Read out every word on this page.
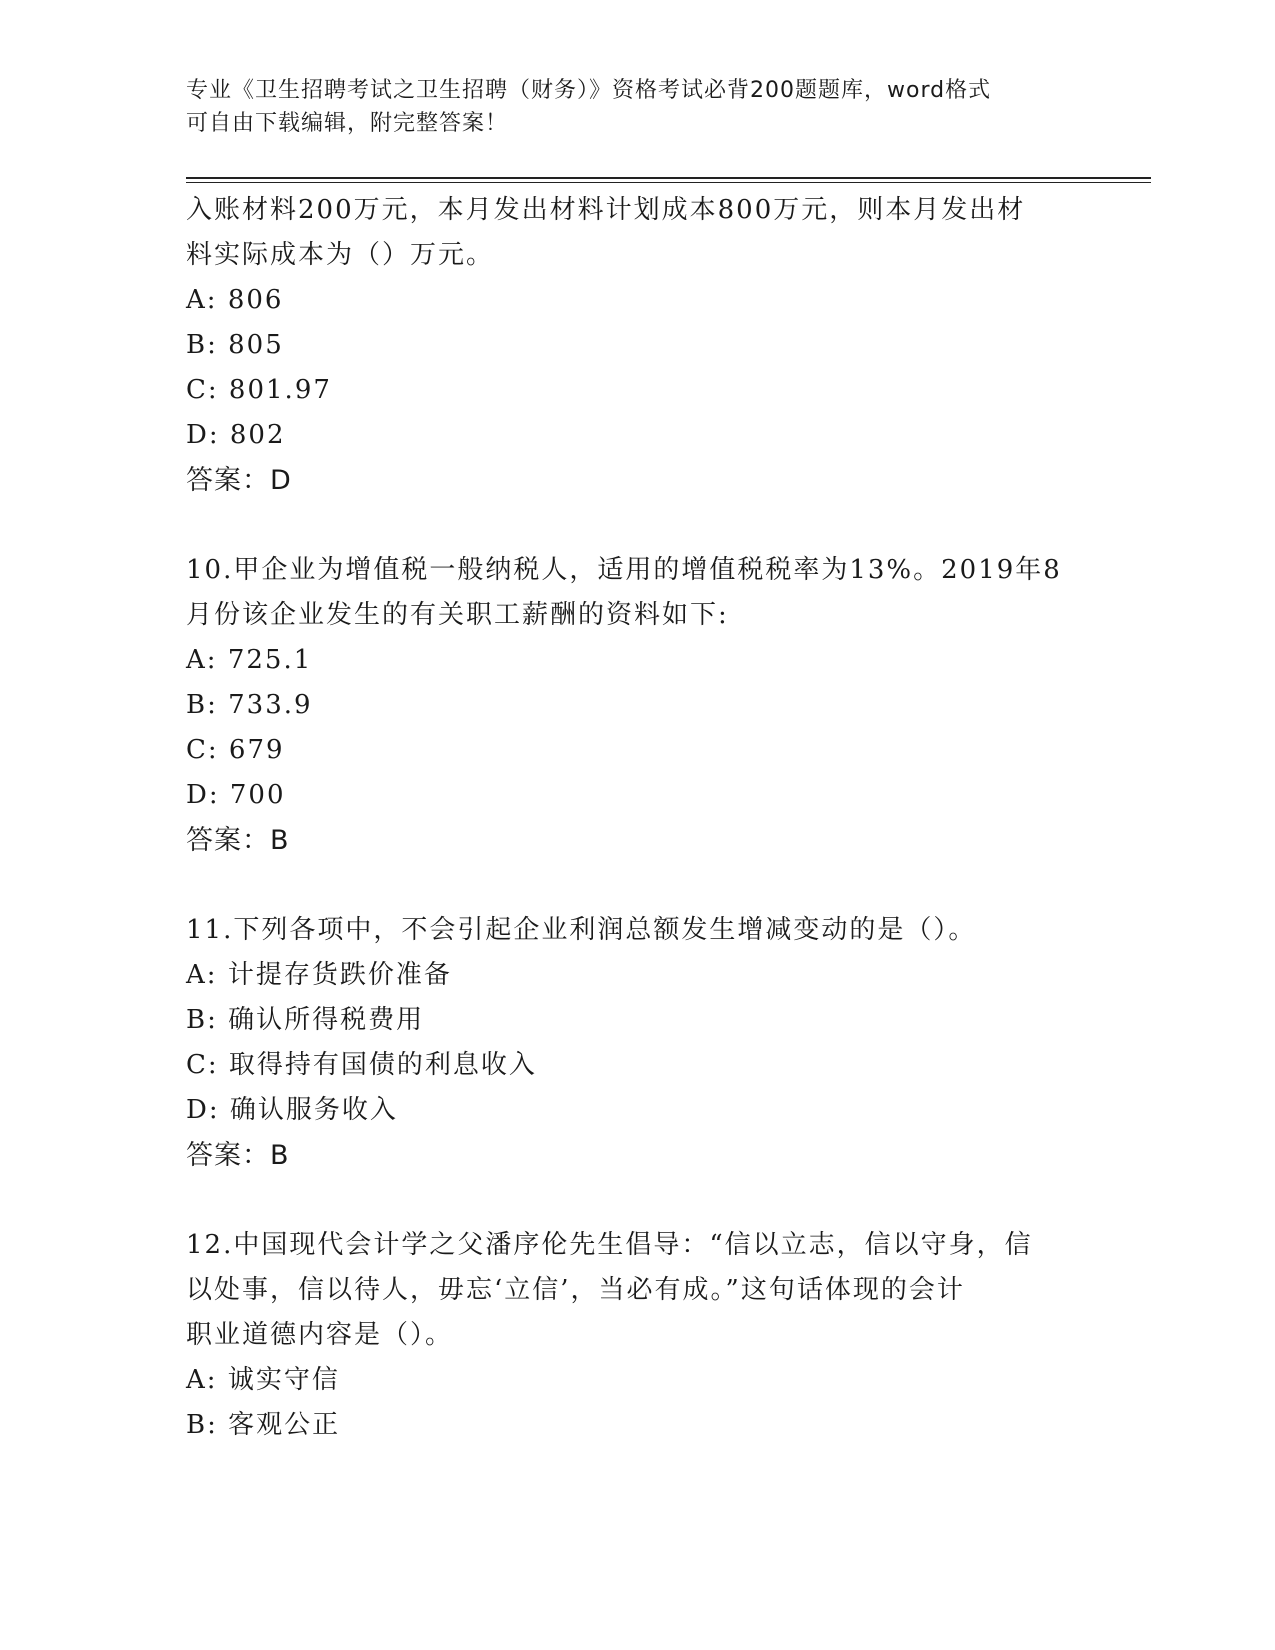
专业《卫生招聘考试之卫生招聘（财务）》资格考试必背200题题库，word格式
可自由下载编辑，附完整答案！
入账材料200万元，本月发出材料计划成本800万元，则本月发出材
料实际成本为（）万元。
A: 806
B: 805
C: 801.97
D: 802
答案：D
10.甲企业为增值税一般纳税人，适用的增值税税率为13%。2019年8
月份该企业发生的有关职工薪酬的资料如下:
A: 725.1
B: 733.9
C: 679
D: 700
答案：B
11.下列各项中，不会引起企业利润总额发生增减变动的是（）。
A: 计提存货跌价准备
B: 确认所得税费用
C: 取得持有国债的利息收入
D: 确认服务收入
答案：B
12.中国现代会计学之父潘序伦先生倡导：“信以立志，信以守身，信
以处事，信以待人，毋忘‘立信’，当必有成。”这句话体现的会计
职业道德内容是（）。
A: 诚实守信
B: 客观公正
